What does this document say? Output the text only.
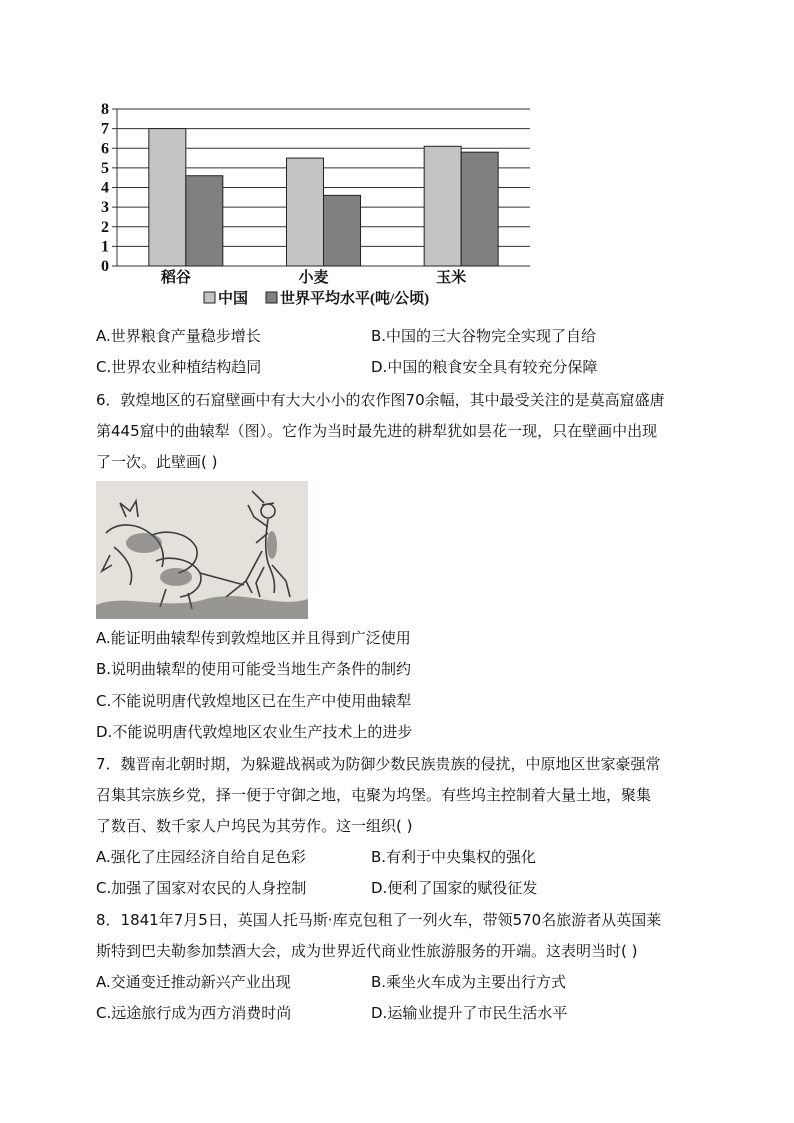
0
1
2
3
4
5
6
7
8
稻谷	小麦	玉米
中国 世界平均水平(吨/公顷)
A.世界粮食产量稳步增长	B.中国的三大谷物完全实现了自给
C.世界农业种植结构趋同	D.中国的粮食安全具有较充分保障
6．敦煌地区的石窟壁画中有大大小小的农作图70余幅，其中最受关注的是莫高窟盛唐
第445窟中的曲辕犁（图）。它作为当时最先进的耕犁犹如昙花一现，只在壁画中出现
了一次。此壁画( )
A.能证明曲辕犁传到敦煌地区并且得到广泛使用
B.说明曲辕犁的使用可能受当地生产条件的制约
C.不能说明唐代敦煌地区已在生产中使用曲辕犁
D.不能说明唐代敦煌地区农业生产技术上的进步
7．魏晋南北朝时期，为躲避战祸或为防御少数民族贵族的侵扰，中原地区世家豪强常
召集其宗族乡党，择一便于守御之地，屯聚为坞堡。有些坞主控制着大量土地，聚集
了数百、数千家人户坞民为其劳作。这一组织( )
A.强化了庄园经济自给自足色彩	B.有利于中央集权的强化
C.加强了国家对农民的人身控制	D.便利了国家的赋役征发
8．1841年7月5日，英国人托马斯·库克包租了一列火车，带领570名旅游者从英国莱
斯特到巴夫勒参加禁酒大会，成为世界近代商业性旅游服务的开端。这表明当时( )
A.交通变迁推动新兴产业出现	B.乘坐火车成为主要出行方式
C.远途旅行成为西方消费时尚	D.运输业提升了市民生活水平
